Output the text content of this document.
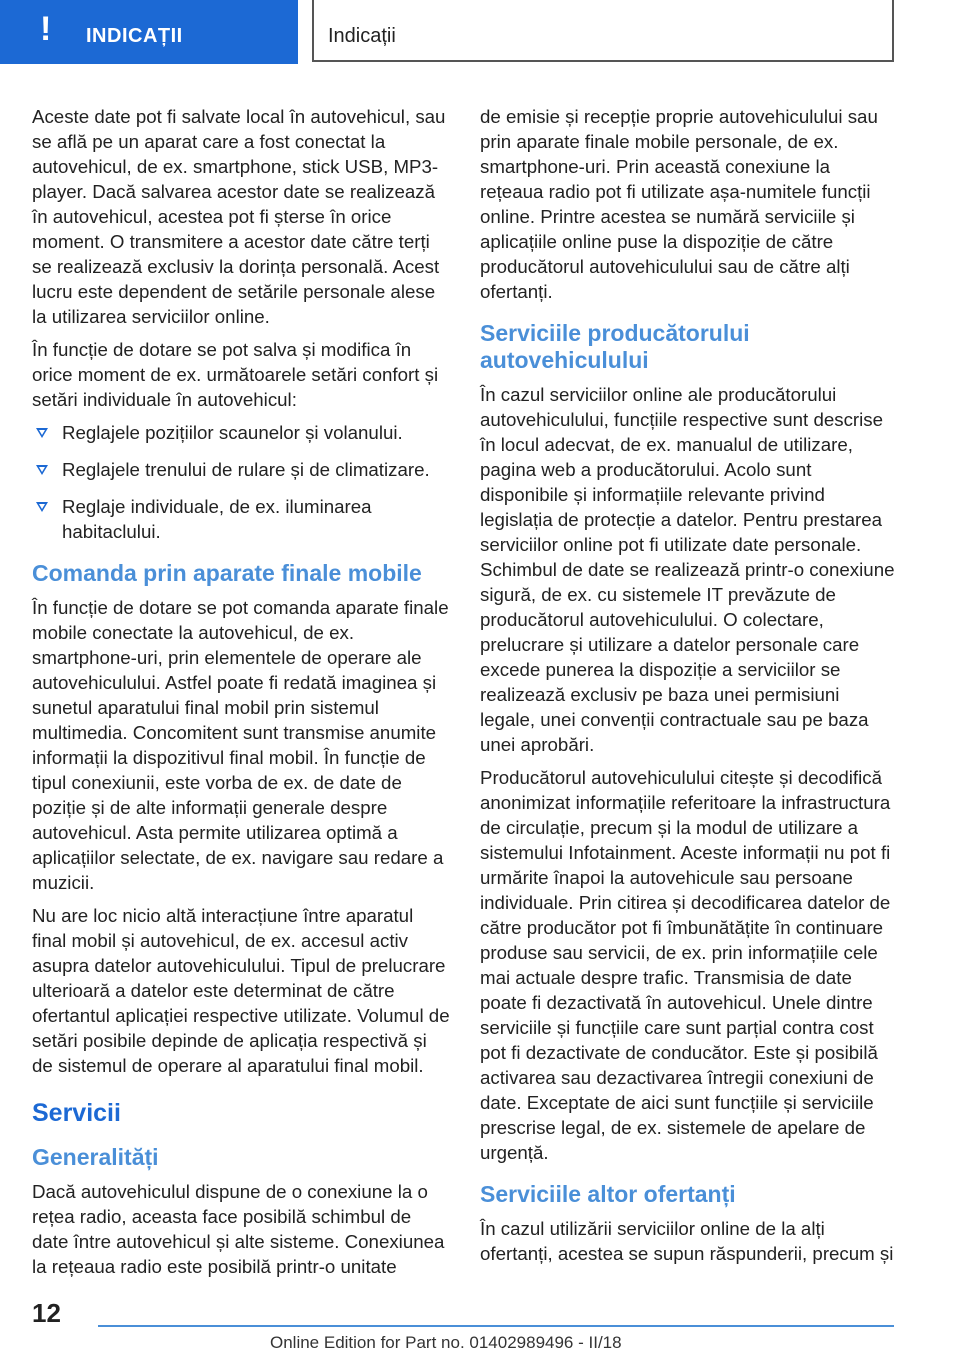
! INDICAȚII	Indicații

Aceste date pot fi salvate local în autovehicul, sau se află pe un aparat care a fost conectat la autovehicul, de ex. smartphone, stick USB, MP3-player. Dacă salvarea acestor date se realizează în autovehicul, acestea pot fi șterse în orice moment. O transmitere a acestor date către terți se realizează exclusiv la dorința personală. Acest lucru este dependent de setările personale alese la utilizarea serviciilor online.

În funcție de dotare se pot salva și modifica în orice moment de ex. următoarele setări confort și setări individuale în autovehicul:

Reglajele pozițiilor scaunelor și volanului.
Reglajele trenului de rulare și de climatizare.
Reglaje individuale, de ex. iluminarea habitaclului.
Comanda prin aparate finale mobile

În funcție de dotare se pot comanda aparate finale mobile conectate la autovehicul, de ex. smartphone-uri, prin elementele de operare ale autovehiculului. Astfel poate fi redată imaginea și sunetul aparatului final mobil prin sistemul multimedia. Concomitent sunt transmise anumite informații la dispozitivul final mobil. În funcție de tipul conexiunii, este vorba de ex. de date de poziție și de alte informații generale despre autovehicul. Asta permite utilizarea optimă a aplicațiilor selectate, de ex. navigare sau redare a muzicii.

Nu are loc nicio altă interacțiune între aparatul final mobil și autovehicul, de ex. accesul activ asupra datelor autovehiculului. Tipul de prelucrare ulterioară a datelor este determinat de către ofertantul aplicației respective utilizate. Volumul de setări posibile depinde de aplicația respectivă și de sistemul de operare al aparatului final mobil.

Servicii
Generalități

Dacă autovehiculul dispune de o conexiune la o rețea radio, aceasta face posibilă schimbul de date între autovehicul și alte sisteme. Conexiunea la rețeaua radio este posibilă printr-o unitate

de emisie și recepție proprie autovehiculului sau prin aparate finale mobile personale, de ex. smartphone-uri. Prin această conexiune la rețeaua radio pot fi utilizate așa-numitele funcții online. Printre acestea se numără serviciile și aplicațiile online puse la dispoziție de către producătorul autovehiculului sau de către alți ofertanți.

Serviciile producătorului autovehiculului

În cazul serviciilor online ale producătorului autovehiculului, funcțiile respective sunt descrise în locul adecvat, de ex. manualul de utilizare, pagina web a producătorului. Acolo sunt disponibile și informațiile relevante privind legislația de protecție a datelor. Pentru prestarea serviciilor online pot fi utilizate date personale. Schimbul de date se realizează printr-o conexiune sigură, de ex. cu sistemele IT prevăzute de producătorul autovehiculului. O colectare, prelucrare și utilizare a datelor personale care excede punerea la dispoziție a serviciilor se realizează exclusiv pe baza unei permisiuni legale, unei convenții contractuale sau pe baza unei aprobări.

Producătorul autovehiculului citește și decodifică anonimizat informațiile referitoare la infrastructura de circulație, precum și la modul de utilizare a sistemului Infotainment. Aceste informații nu pot fi urmărite înapoi la autovehicule sau persoane individuale. Prin citirea și decodificarea datelor de către producător pot fi îmbunătățite în continuare produse sau servicii, de ex. prin informațiile cele mai actuale despre trafic. Transmisia de date poate fi dezactivată în autovehicul. Unele dintre serviciile și funcțiile care sunt parțial contra cost pot fi dezactivate de conducător. Este și posibilă activarea sau dezactivarea întregii conexiuni de date. Exceptate de aici sunt funcțiile și serviciile prescrise legal, de ex. sistemele de apelare de urgență.

Serviciile altor ofertanți

În cazul utilizării serviciilor online de la alți ofertanți, acestea se supun răspunderii, precum și

12
Online Edition for Part no. 01402989496 - II/18
